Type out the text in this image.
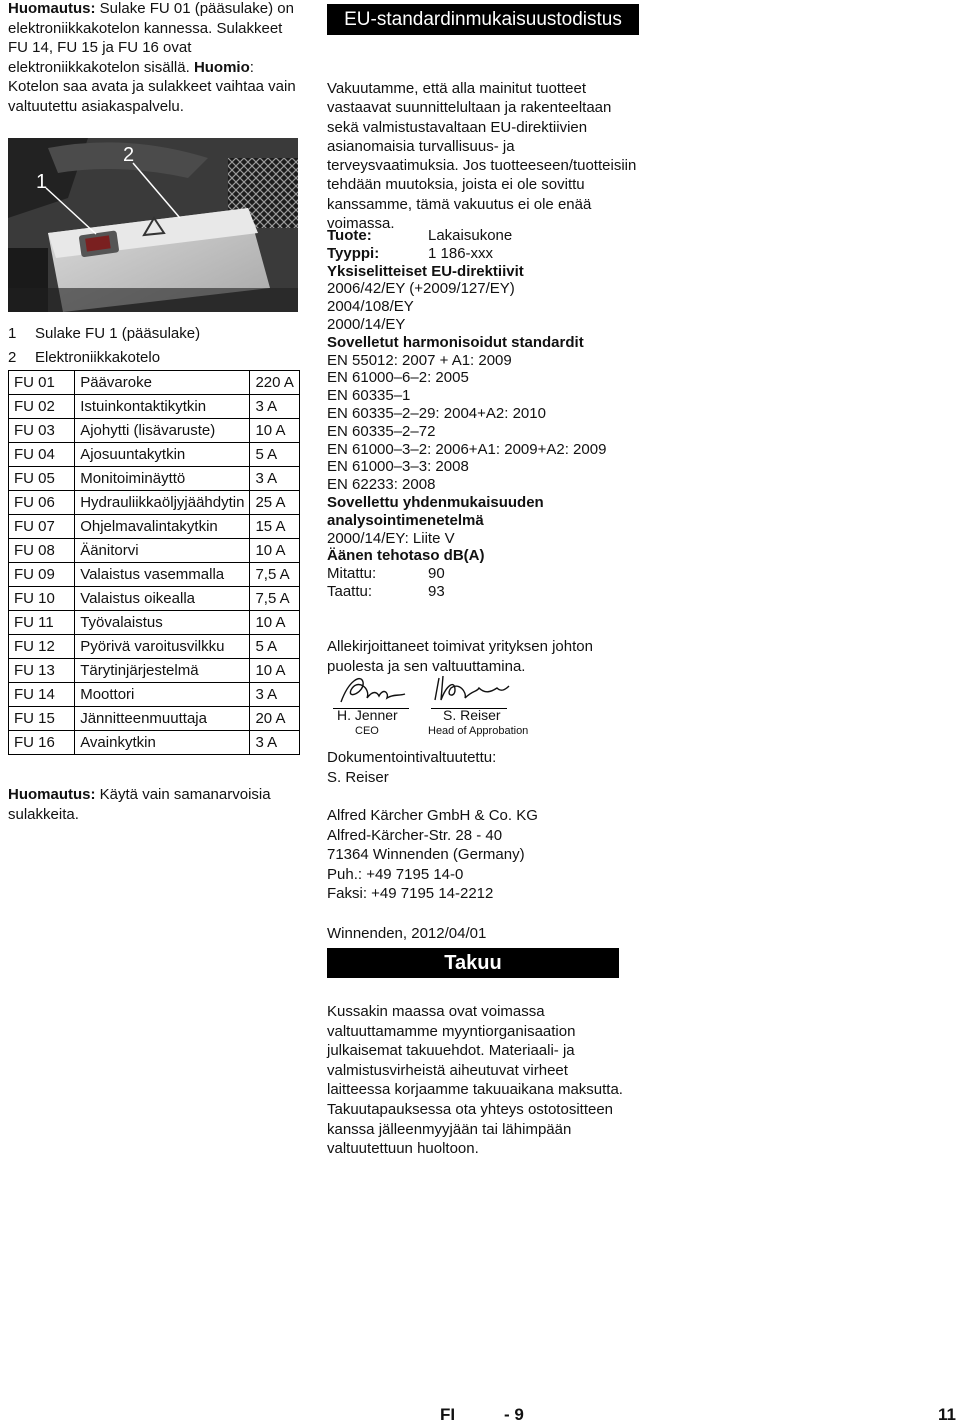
Huomautus: Sulake FU 01 (pääsulake) on elektroniikkakotelon kannessa. Sulakkeet FU 14, FU 15 ja FU 16 ovat elektroniikkakotelon sisällä. Huomio: Kotelon saa avata ja sulakkeet vaihtaa vain valtuutettu asiakaspalvelu.

1	Sulake FU 1 (pääsulake)
2	Elektroniikkakotelo
FU 01	Päävaroke	220 A
FU 02	Istuinkontaktikytkin	3 A
FU 03	Ajohytti (lisävaruste)	10 A
FU 04	Ajosuuntakytkin	5 A
FU 05	Monitoiminäyttö	3 A
FU 06	Hydrauliikkaöljyjäähdytin	25 A
FU 07	Ohjelmavalintakytkin	15 A
FU 08	Äänitorvi	10 A
FU 09	Valaistus vasemmalla	7,5 A
FU 10	Valaistus oikealla	7,5 A
FU 11	Työvalaistus	10 A
FU 12	Pyörivä varoitusvilkku	5 A
FU 13	Tärytinjärjestelmä	10 A
FU 14	Moottori	3 A
FU 15	Jännitteenmuuttaja	20 A
FU 16	Avainkytkin	3 A

Huomautus: Käytä vain samanarvoisia sulakkeita.

1
2
EU-standardinmukaisuustodistus

Vakuutamme, että alla mainitut tuotteet vastaavat suunnittelultaan ja rakenteeltaan sekä valmistustavaltaan EU-direktiivien asianomaisia turvallisuus- ja terveysvaatimuksia. Jos tuotteeseen/tuotteisiin tehdään muutoksia, joista ei ole sovittu kanssamme, tämä vakuutus ei ole enää voimassa.

Tuote:	Lakaisukone
Tyyppi:	1 186-xxx
Yksiselitteiset EU-direktiivit
2006/42/EY (+2009/127/EY)
2004/108/EY
2000/14/EY
Sovelletut harmonisoidut standardit
EN 55012: 2007 + A1: 2009
EN 61000–6–2: 2005
EN 60335–1
EN 60335–2–29: 2004+A2: 2010
EN 60335–2–72
EN 61000–3–2: 2006+A1: 2009+A2: 2009
EN 61000–3–3: 2008
EN 62233: 2008
Sovellettu yhdenmukaisuuden analysointimenetelmä
2000/14/EY: Liite V
Äänen tehotaso dB(A)
Mitattu:	90
Taattu:	93

Allekirjoittaneet toimivat yrityksen johton puolesta ja sen valtuuttamina.

H. Jenner
CEO
S. Reiser
Head of Approbation
Dokumentointivaltuutettu:
S. Reiser
Alfred Kärcher GmbH & Co. KG
Alfred-Kärcher-Str. 28 - 40
71364 Winnenden (Germany)
Puh.: +49 7195 14-0
Faksi: +49 7195 14-2212
Winnenden, 2012/04/01
Takuu

Kussakin maassa ovat voimassa valtuuttamamme myyntiorganisaation julkaisemat takuuehdot. Materiaali- ja valmistusvirheistä aiheutuvat virheet laitteessa korjaamme takuuaikana maksutta. Takuutapauksessa ota yhteys ostotositteen kanssa jälleenmyyjään tai lähimpään valtuutettuun huoltoon.

FI	- 9	11
